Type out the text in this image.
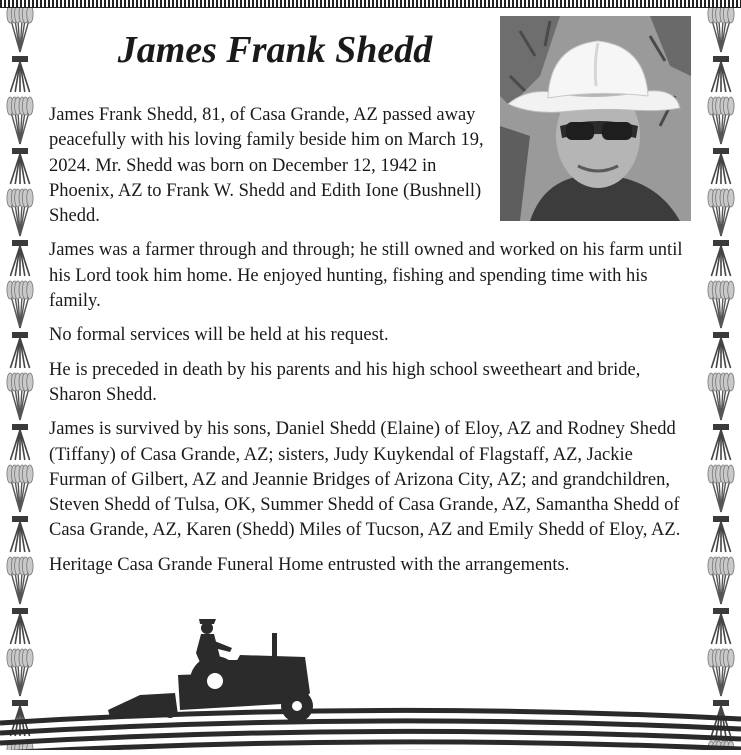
James Frank Shedd

James Frank Shedd, 81, of Casa Grande, AZ passed away peacefully with his loving family beside him on March 19, 2024. Mr. Shedd was born on December 12, 1942 in Phoenix, AZ to Frank W. Shedd and Edith Ione (Bushnell) Shedd.

James was a farmer through and through; he still owned and worked on his farm until his Lord took him home. He enjoyed hunting, fishing and spending time with his family.

No formal services will be held at his request.

He is preceded in death by his parents and his high school sweetheart and bride, Sharon Shedd.

James is survived by his sons, Daniel Shedd (Elaine) of Eloy, AZ and Rodney Shedd (Tiffany) of Casa Grande, AZ; sisters, Judy Kuykendal of Flagstaff, AZ, Jackie Furman of Gilbert, AZ and Jeannie Bridges of Arizona City, AZ; and grandchildren, Steven Shedd of Tulsa, OK, Summer Shedd of Casa Grande, AZ, Samantha Shedd of Casa Grande, AZ, Karen (Shedd) Miles of Tucson, AZ and Emily Shedd of Eloy, AZ.

Heritage Casa Grande Funeral Home entrusted with the arrangements.
